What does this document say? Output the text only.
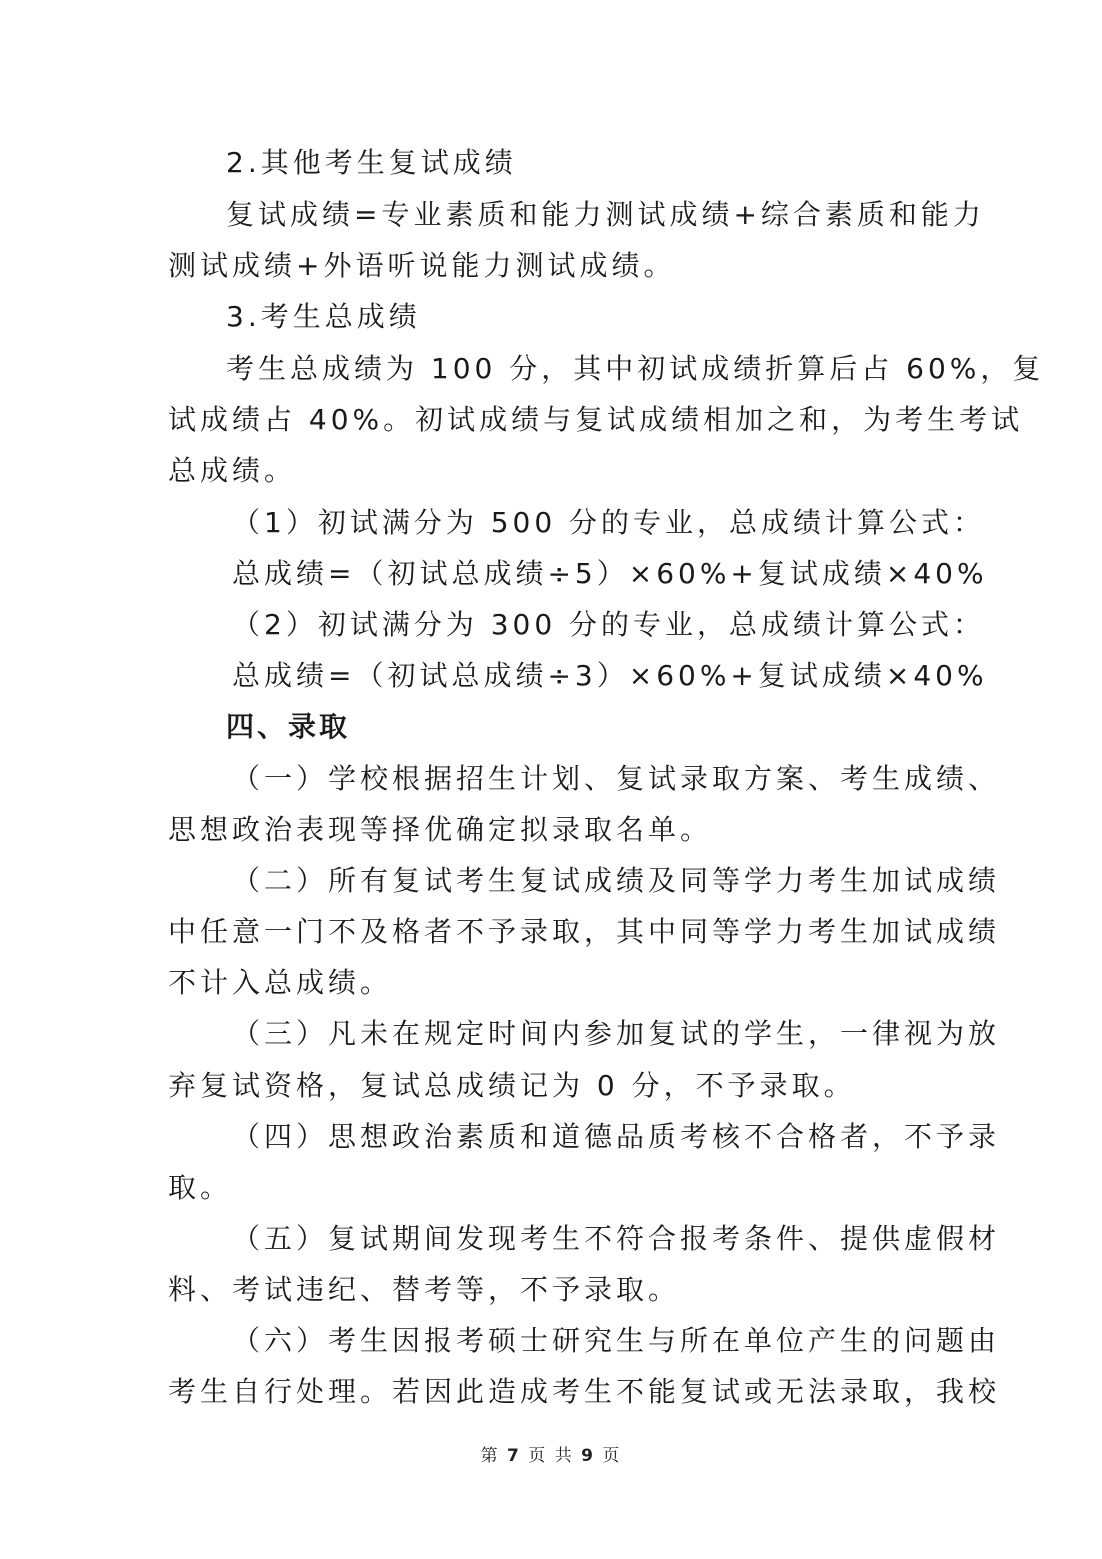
2.其他考生复试成绩
复试成绩=专业素质和能力测试成绩+综合素质和能力
测试成绩+外语听说能力测试成绩。
3.考生总成绩
考生总成绩为 100 分，其中初试成绩折算后占 60%，复
试成绩占 40%。初试成绩与复试成绩相加之和，为考生考试
总成绩。
（1）初试满分为 500 分的专业，总成绩计算公式：
总成绩=（初试总成绩÷5）×60%+复试成绩×40%
（2）初试满分为 300 分的专业，总成绩计算公式：
总成绩=（初试总成绩÷3）×60%+复试成绩×40%
四、录取
（一）学校根据招生计划、复试录取方案、考生成绩、
思想政治表现等择优确定拟录取名单。
（二）所有复试考生复试成绩及同等学力考生加试成绩
中任意一门不及格者不予录取，其中同等学力考生加试成绩
不计入总成绩。
（三）凡未在规定时间内参加复试的学生，一律视为放
弃复试资格，复试总成绩记为 0 分，不予录取。
（四）思想政治素质和道德品质考核不合格者，不予录
取。
（五）复试期间发现考生不符合报考条件、提供虚假材
料、考试违纪、替考等，不予录取。
（六）考生因报考硕士研究生与所在单位产生的问题由
考生自行处理。若因此造成考生不能复试或无法录取，我校
第 7 页 共 9 页
